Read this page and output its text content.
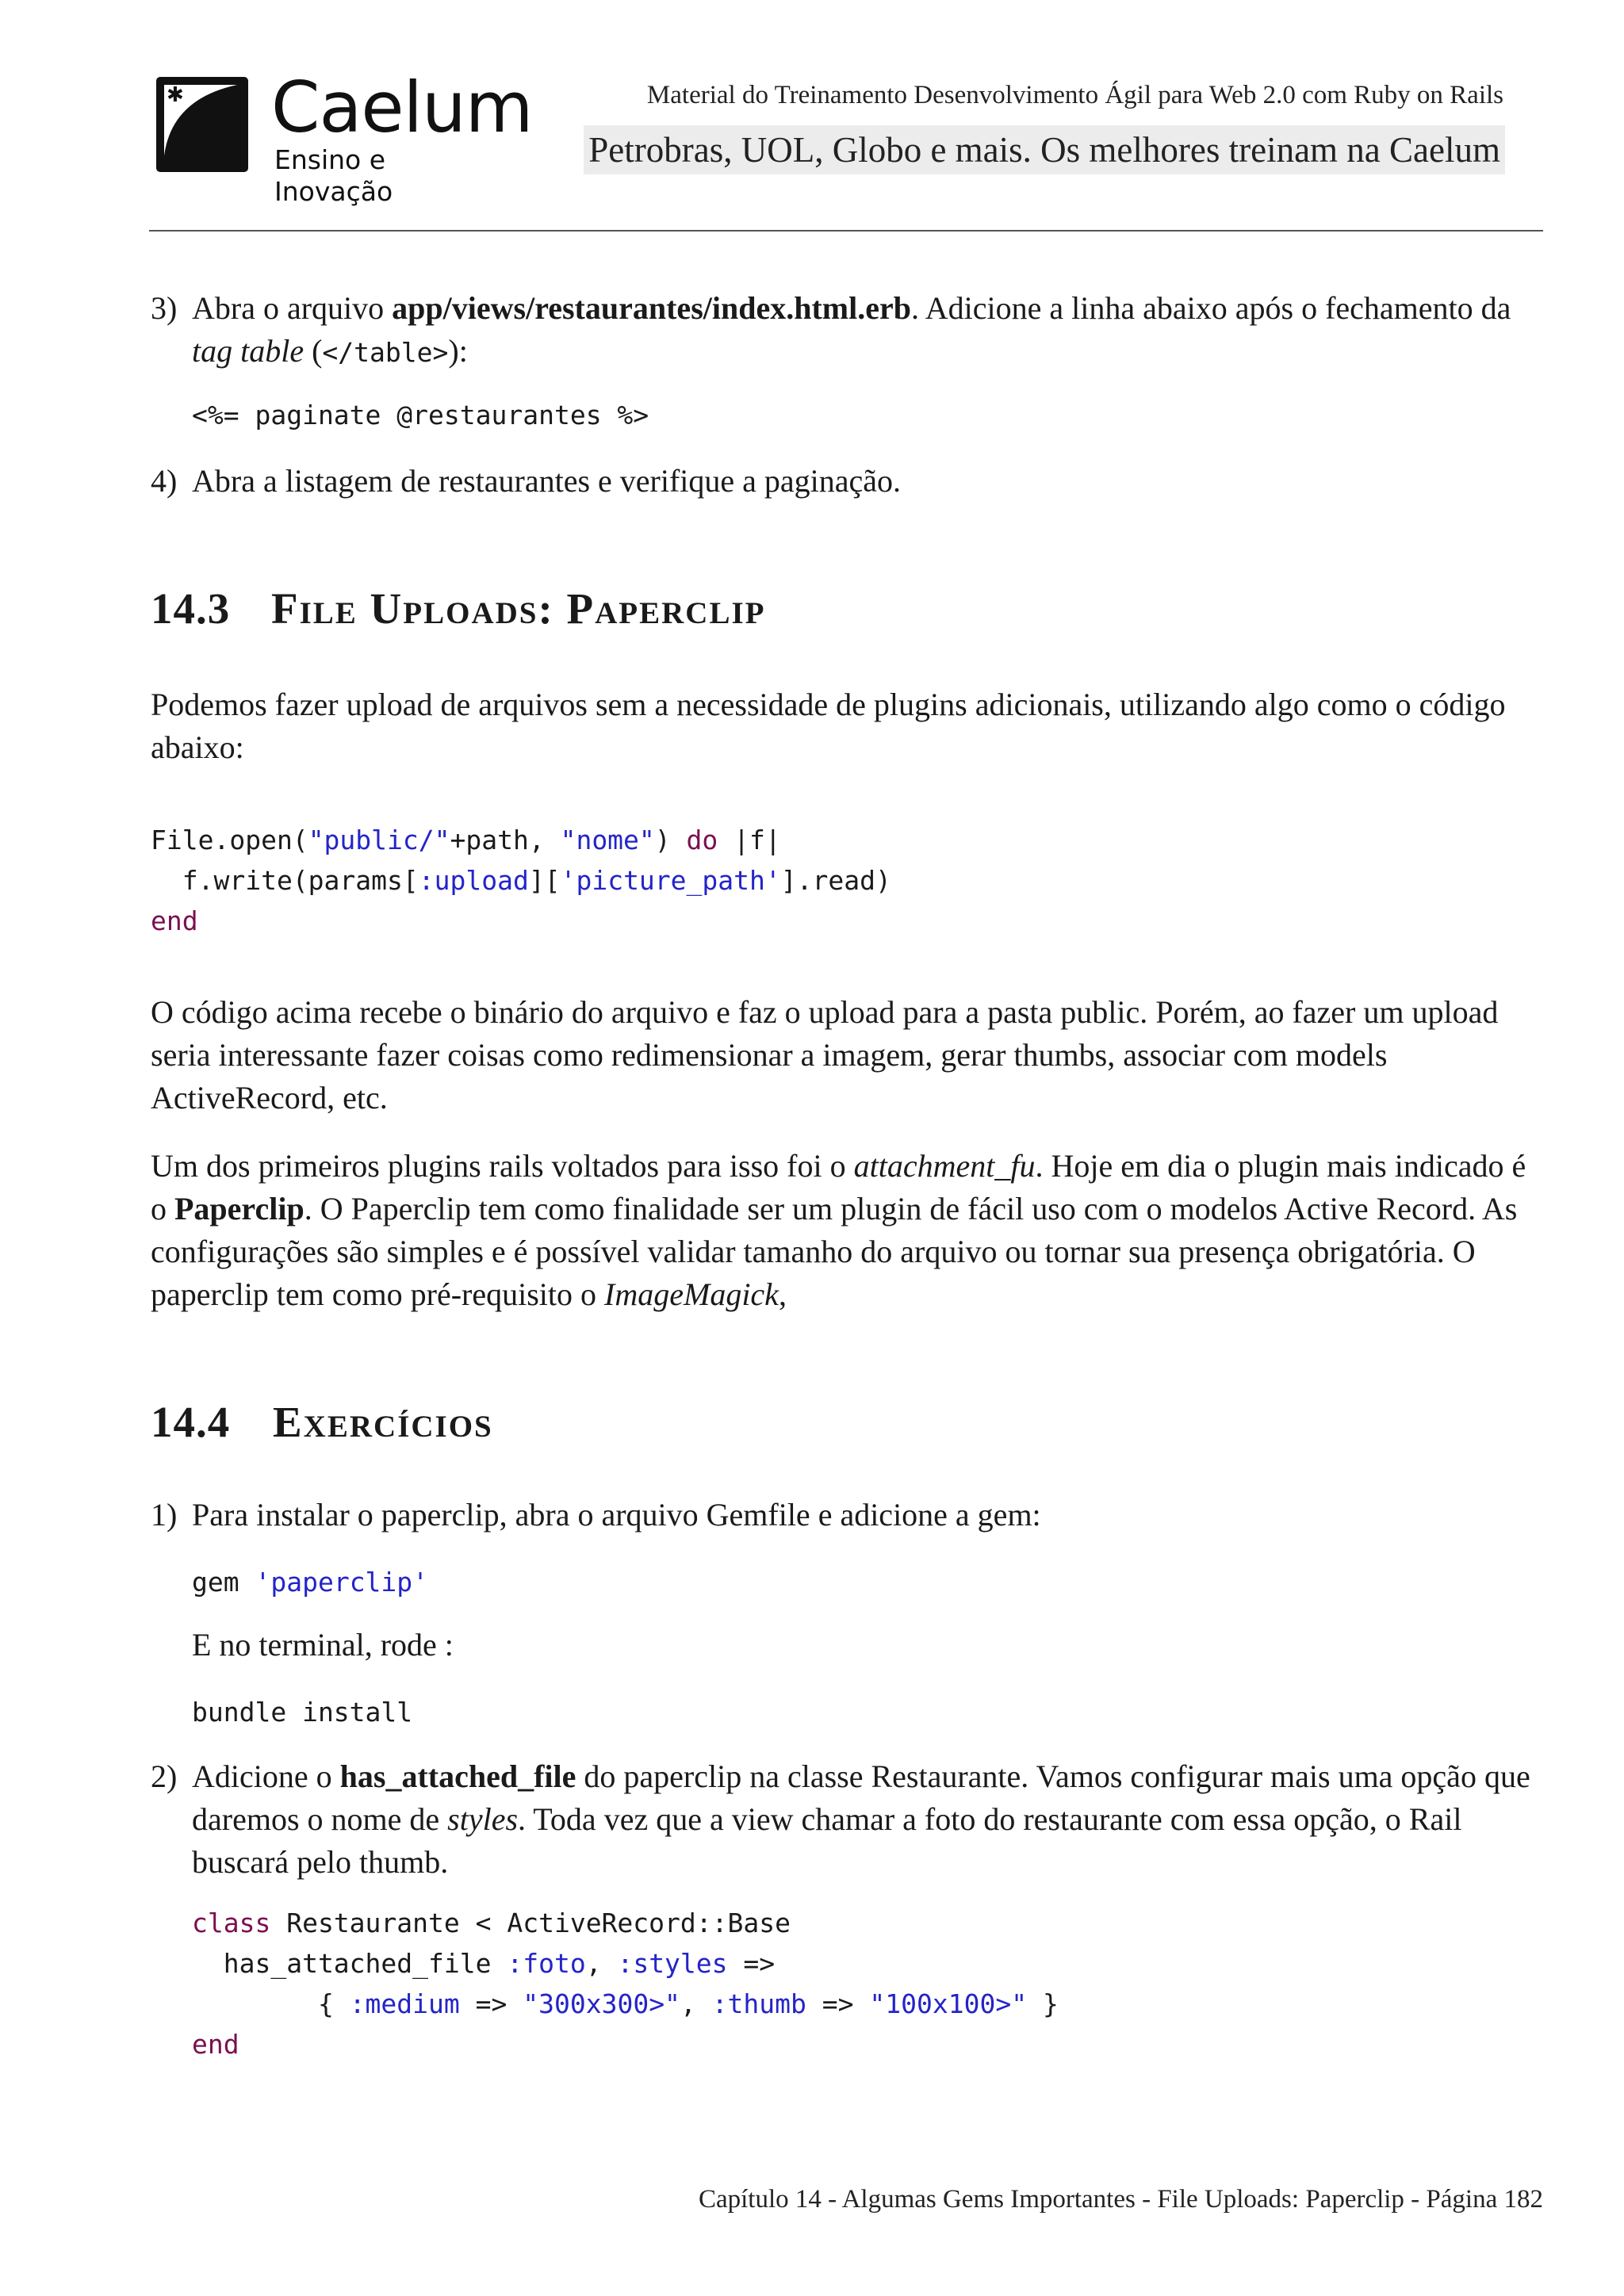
✱ Caelum
Ensino e Inovação
Material do Treinamento Desenvolvimento Ágil para Web 2.0 com Ruby on Rails
Petrobras, UOL, Globo e mais. Os melhores treinam na Caelum
3) Abra o arquivo app/views/restaurantes/index.html.erb. Adicione a linha abaixo após o fechamento da tag table (</table>):
<%= paginate @restaurantes %>
4) Abra a listagem de restaurantes e verifique a paginação.
14.3 File Uploads: Paperclip
Podemos fazer upload de arquivos sem a necessidade de plugins adicionais, utilizando algo como o código abaixo:
File.open("public/"+path, "nome") do |f|
f.write(params[:upload]['picture_path'].read)
end
O código acima recebe o binário do arquivo e faz o upload para a pasta public. Porém, ao fazer um upload seria interessante fazer coisas como redimensionar a imagem, gerar thumbs, associar com models ActiveRecord, etc.
Um dos primeiros plugins rails voltados para isso foi o attachment_fu. Hoje em dia o plugin mais indicado é o Paperclip. O Paperclip tem como finalidade ser um plugin de fácil uso com o modelos Active Record. As configurações são simples e é possível validar tamanho do arquivo ou tornar sua presença obrigatória. O paperclip tem como pré-requisito o ImageMagick,
14.4 Exercícios
1) Para instalar o paperclip, abra o arquivo Gemfile e adicione a gem:
gem 'paperclip'
E no terminal, rode :
bundle install
2) Adicione o has_attached_file do paperclip na classe Restaurante. Vamos configurar mais uma opção que daremos o nome de styles. Toda vez que a view chamar a foto do restaurante com essa opção, o Rail buscará pelo thumb.
class Restaurante < ActiveRecord::Base
has_attached_file :foto, :styles =>
{ :medium => "300x300>", :thumb => "100x100>" }
end
Capítulo 14 - Algumas Gems Importantes - File Uploads: Paperclip - Página 182
